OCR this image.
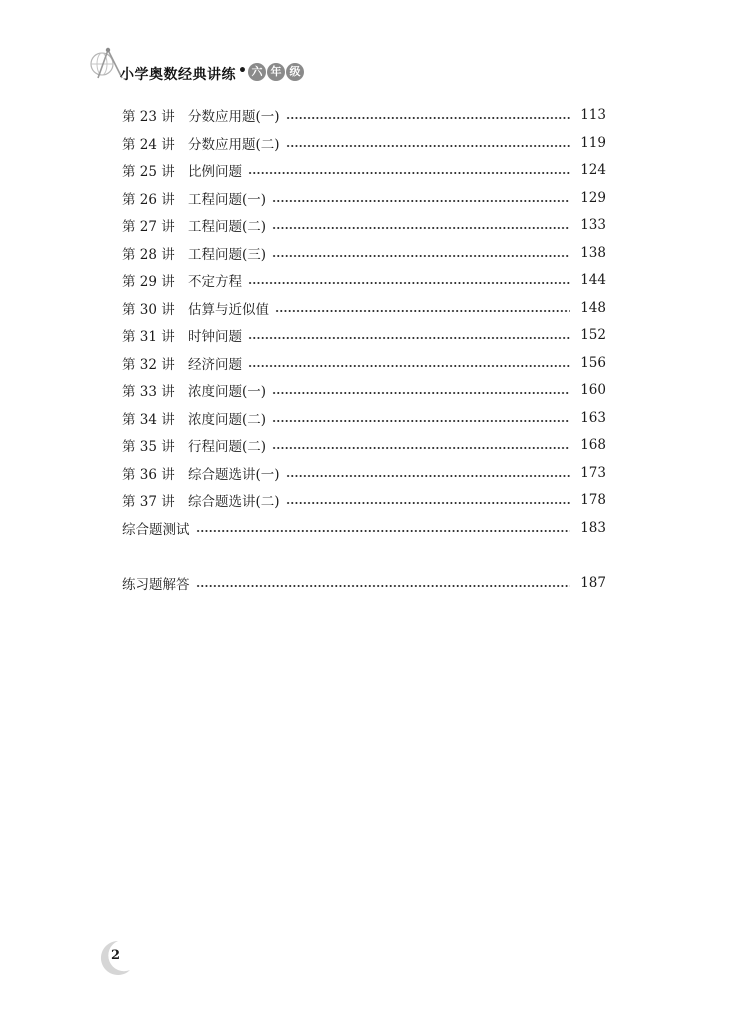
小学奥数经典讲练 • 六 年 级
第 23 讲 分数应用题(一)	113
第 24 讲 分数应用题(二)	119
第 25 讲 比例问题	124
第 26 讲 工程问题(一)	129
第 27 讲 工程问题(二)	133
第 28 讲 工程问题(三)	138
第 29 讲 不定方程	144
第 30 讲 估算与近似值	148
第 31 讲 时钟问题	152
第 32 讲 经济问题	156
第 33 讲 浓度问题(一)	160
第 34 讲 浓度问题(二)	163
第 35 讲 行程问题(二)	168
第 36 讲 综合题选讲(一)	173
第 37 讲 综合题选讲(二)	178
综合题测试	183
练习题解答	187
2
